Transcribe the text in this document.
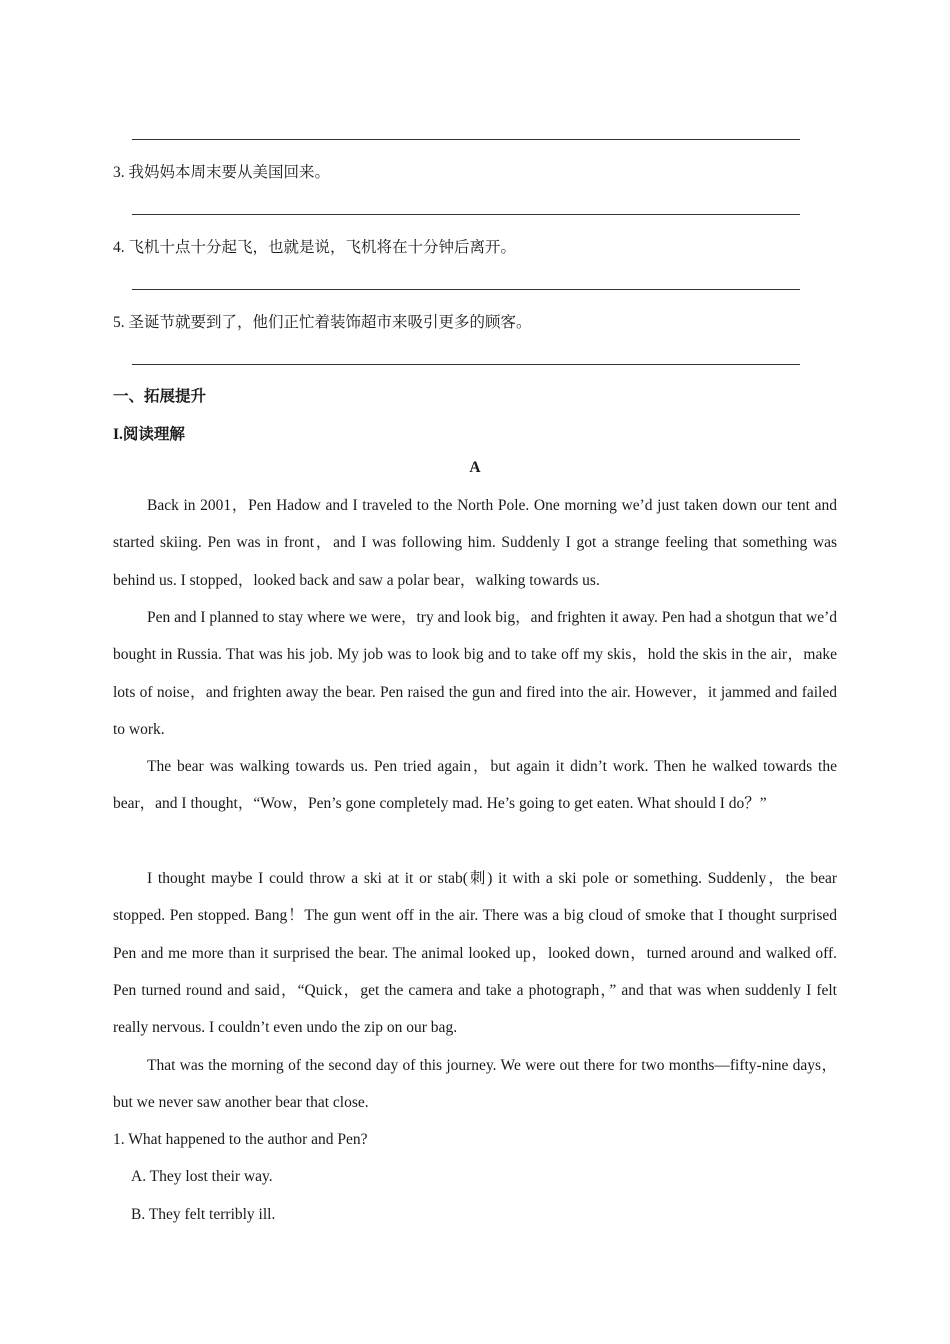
3. 我妈妈本周末要从美国回来。
4. 飞机十点十分起飞，也就是说，飞机将在十分钟后离开。
5. 圣诞节就要到了，他们正忙着装饰超市来吸引更多的顾客。
一、拓展提升
I.阅读理解
A
Back in 2001，Pen Hadow and I traveled to the North Pole. One morning we’d just taken down our tent and started skiing. Pen was in front，and I was following him. Suddenly I got a strange feeling that something was behind us. I stopped，looked back and saw a polar bear，walking towards us.
Pen and I planned to stay where we were，try and look big，and frighten it away. Pen had a shotgun that we’d bought in Russia. That was his job. My job was to look big and to take off my skis，hold the skis in the air，make lots of noise，and frighten away the bear. Pen raised the gun and fired into the air. However，it jammed and failed to work.
The bear was walking towards us. Pen tried again，but again it didn’t work. Then he walked towards the bear，and I thought，“Wow，Pen’s gone completely mad. He’s going to get eaten. What should I do？”
I thought maybe I could throw a ski at it or stab(刺) it with a ski pole or something. Suddenly，the bear stopped. Pen stopped. Bang！The gun went off in the air. There was a big cloud of smoke that I thought surprised Pen and me more than it surprised the bear. The animal looked up，looked down，turned around and walked off. Pen turned round and said，“Quick，get the camera and take a photograph，” and that was when suddenly I felt really nervous. I couldn’t even undo the zip on our bag.
That was the morning of the second day of this journey. We were out there for two months—fifty-nine days，but we never saw another bear that close.
1. What happened to the author and Pen?
A. They lost their way.
B. They felt terribly ill.
